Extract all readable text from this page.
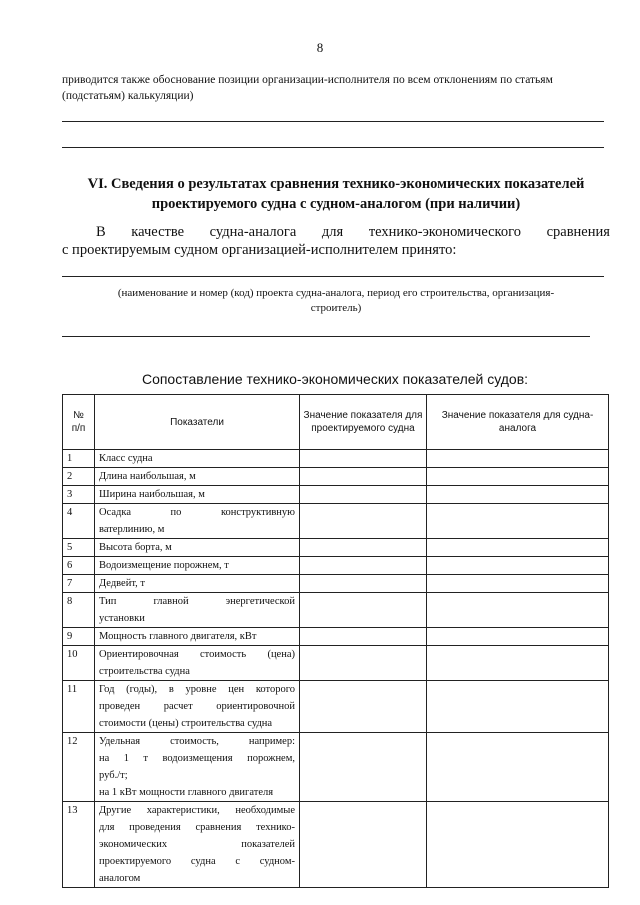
8
приводится также обоснование позиции организации-исполнителя по всем отклонениям по статьям (подстатьям) калькуляции)
VI. Сведения о результатах сравнения технико-экономических показателей
проектируемого судна с судном-аналогом (при наличии)
В качестве судна-аналога для технико-экономического сравнения
с проектируемым судном организацией-исполнителем принято:
(наименование и номер (код) проекта судна-аналога, период его строительства, организация-
строитель)
Сопоставление технико-экономических показателей судов:
№
п/п	Показатели	Значение показателя для проектируемого судна	Значение показателя для судна-аналога
1	Класс судна		

2	Длина наибольшая, м		

3	Ширина наибольшая, м		

4	Осадка по конструктивную
ватерлинию, м		

5	Высота борта, м		

6	Водоизмещение порожнем, т		

7	Дедвейт, т		

8	Тип главной энергетической
установки		

9	Мощность главного двигателя, кВт		

10	Ориентировочная стоимость (цена)
строительства судна		

11	Год (годы), в уровне цен которого
проведен расчет ориентировочной
стоимости (цены) строительства судна		

12	Удельная стоимость, например:
на 1 т водоизмещения порожнем,
руб./т;
на 1 кВт мощности главного двигателя		

13	Другие характеристики, необходимые
для проведения сравнения технико-
экономических показателей
проектируемого судна с судном-
аналогом		
